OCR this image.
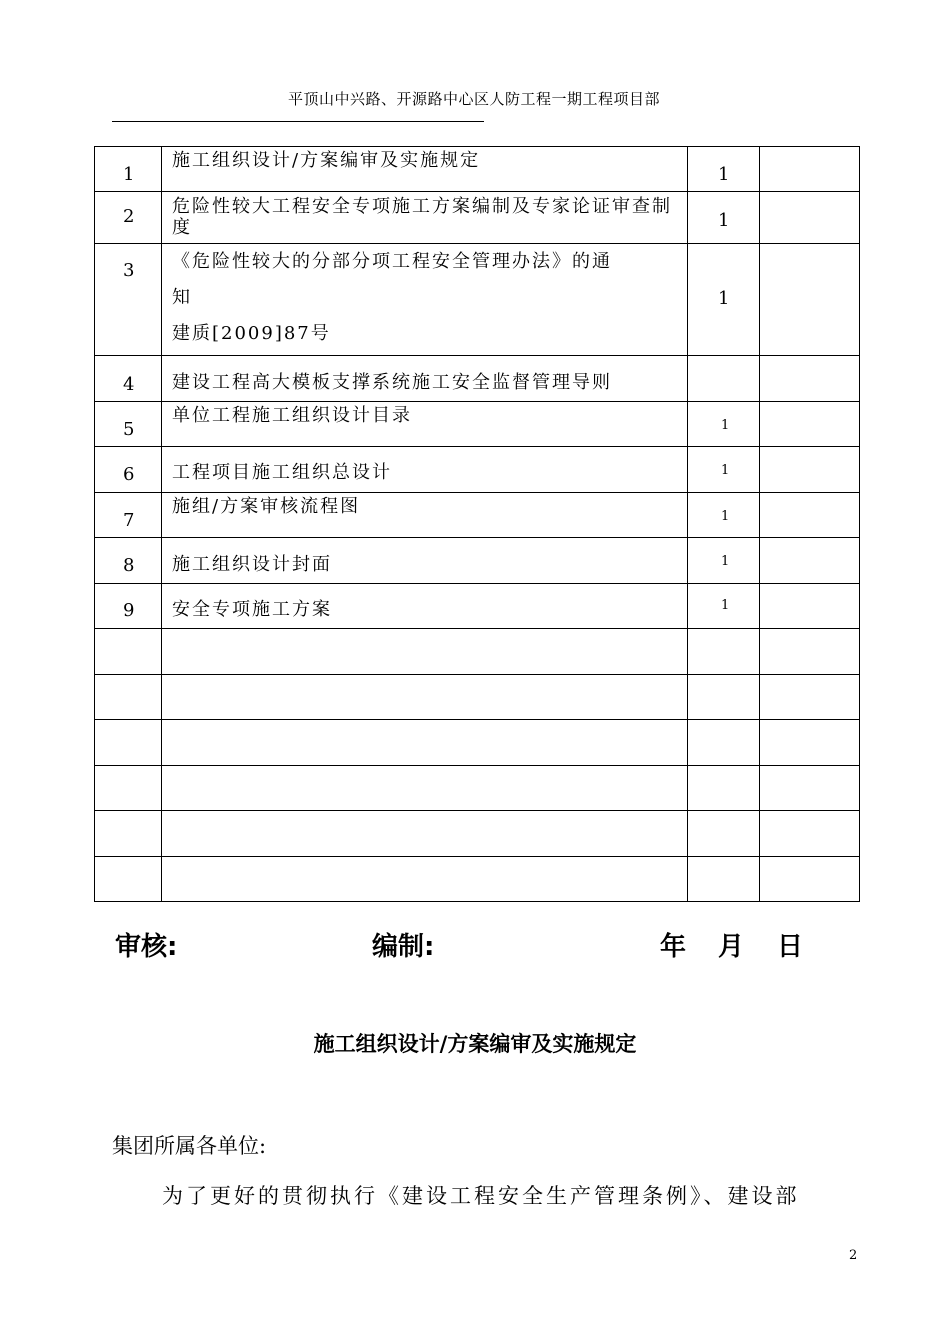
平顶山中兴路、开源路中心区人防工程一期工程项目部
1	施工组织设计/方案编审及实施规定	1	

2	危险性较大工程安全专项施工方案编制及专家论证审查制度	1	

3	《危险性较大的分部分项工程安全管理办法》的通
知
建质[2009]87号	1	

4	建设工程高大模板支撑系统施工安全监督管理导则		

5	单位工程施工组织设计目录	1	

6	工程项目施工组织总设计	1	

7	施组/方案审核流程图	1	

8	施工组织设计封面	1	

9	安全专项施工方案	1	

审核:	编制:	年 月 日
施工组织设计/方案编审及实施规定
集团所属各单位:
为了更好的贯彻执行《建设工程安全生产管理条例》、建设部
2
